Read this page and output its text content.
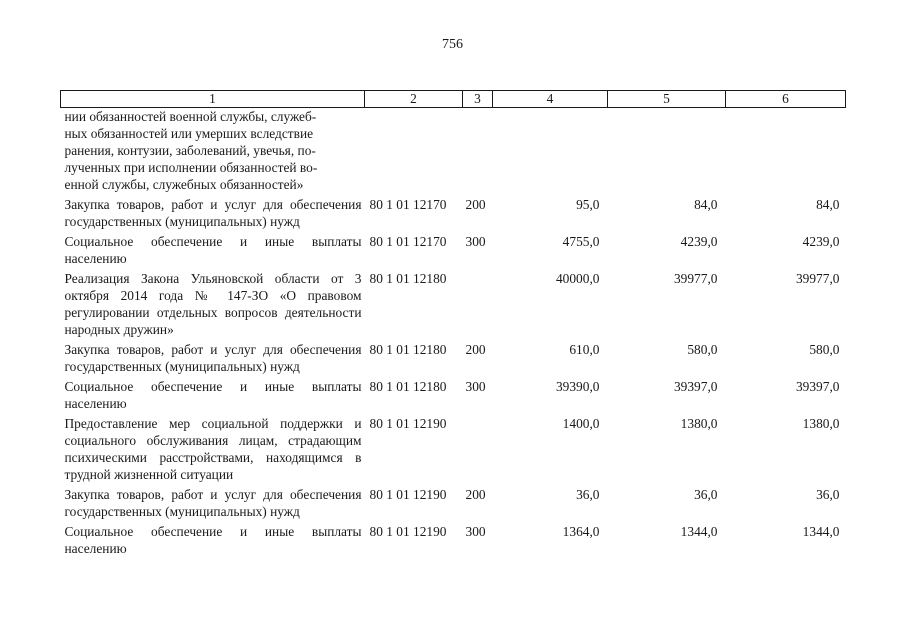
756
1	2	3	4	5	6

нии обязанностей военной службы, служеб-
ных обязанностей или умерших вследствие
ранения, контузии, заболеваний, увечья, по-
лученных при исполнении обязанностей во-
енной службы, служебных обязанностей»					

Закупка товаров, работ и услуг для обеспечения государственных (муниципальных) нужд	80 1 01 12170	200	95,0	84,0	84,0
Социальное обеспечение и иные выплаты населению	80 1 01 12170	300	4755,0	4239,0	4239,0
Реализация Закона Ульяновской области от 3 октября 2014 года № 147-ЗО «О правовом регулировании отдельных вопросов деятельности народных дружин»	80 1 01 12180		40000,0	39977,0	39977,0
Закупка товаров, работ и услуг для обеспечения государственных (муниципальных) нужд	80 1 01 12180	200	610,0	580,0	580,0
Социальное обеспечение и иные выплаты населению	80 1 01 12180	300	39390,0	39397,0	39397,0
Предоставление мер социальной поддержки и социального обслуживания лицам, страдающим психическими расстройствами, находящимся в трудной жизненной ситуации	80 1 01 12190		1400,0	1380,0	1380,0
Закупка товаров, работ и услуг для обеспечения государственных (муниципальных) нужд	80 1 01 12190	200	36,0	36,0	36,0
Социальное обеспечение и иные выплаты населению	80 1 01 12190	300	1364,0	1344,0	1344,0
